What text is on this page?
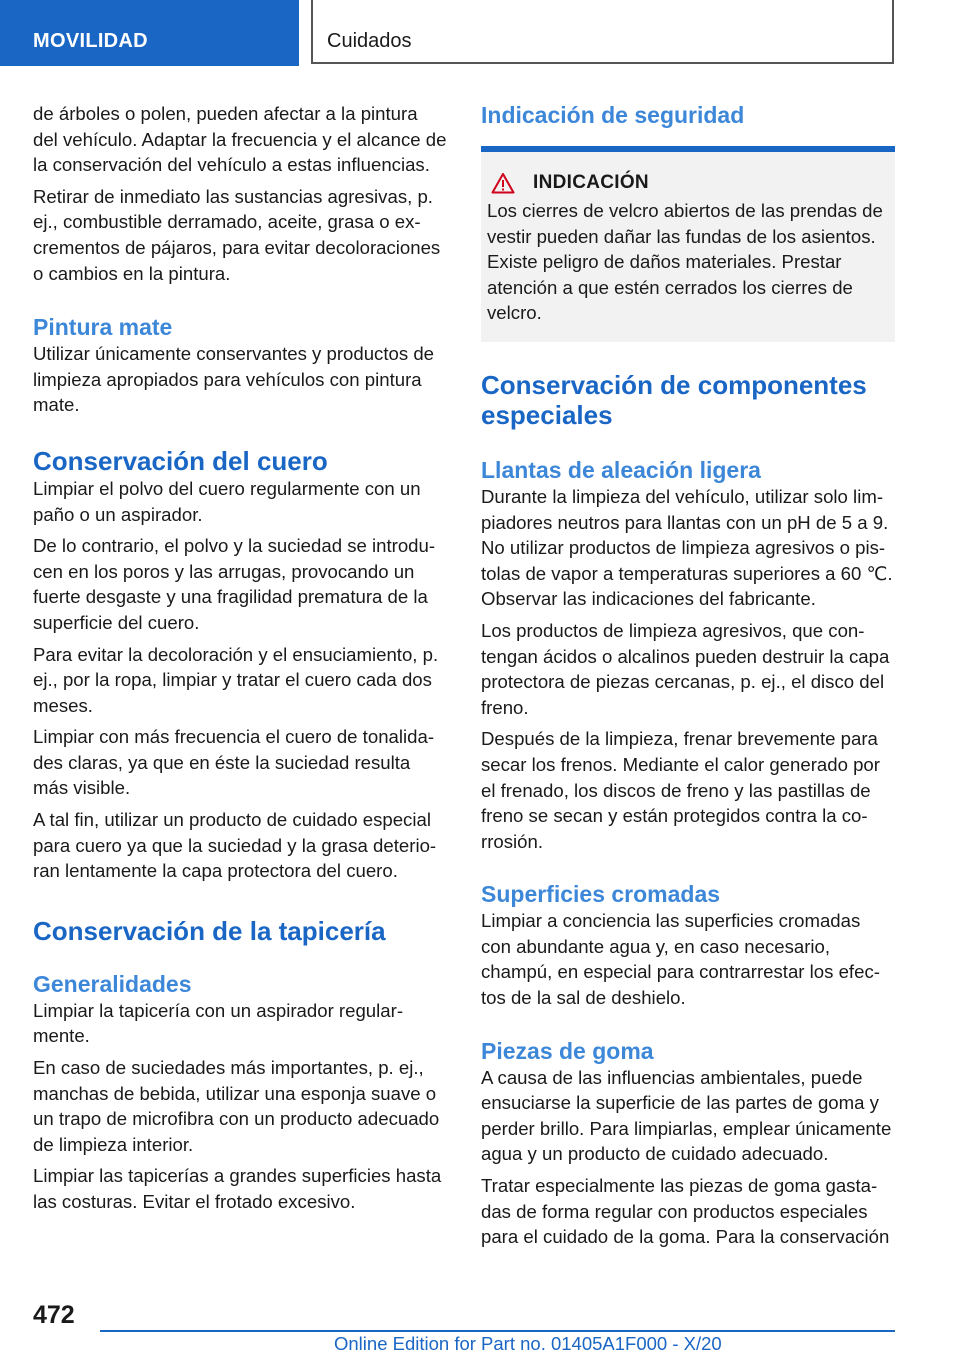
MOVILIDAD	Cuidados

de árboles o polen, pueden afectar a la pintura del vehículo. Adaptar la frecuencia y el alcance de la conservación del vehículo a estas influencias.

Retirar de inmediato las sustancias agresivas, p. ej., combustible derramado, aceite, grasa o excrementos de pájaros, para evitar decoloraciones o cambios en la pintura.

Pintura mate

Utilizar únicamente conservantes y productos de limpieza apropiados para vehículos con pintura mate.

Conservación del cuero

Limpiar el polvo del cuero regularmente con un paño o un aspirador.

De lo contrario, el polvo y la suciedad se introducen en los poros y las arrugas, provocando un fuerte desgaste y una fragilidad prematura de la superficie del cuero.

Para evitar la decoloración y el ensuciamiento, p. ej., por la ropa, limpiar y tratar el cuero cada dos meses.

Limpiar con más frecuencia el cuero de tonalidades claras, ya que en éste la suciedad resulta más visible.

A tal fin, utilizar un producto de cuidado especial para cuero ya que la suciedad y la grasa deterioran lentamente la capa protectora del cuero.

Conservación de la tapicería
Generalidades

Limpiar la tapicería con un aspirador regularmente.

En caso de suciedades más importantes, p. ej., manchas de bebida, utilizar una esponja suave o un trapo de microfibra con un producto adecuado de limpieza interior.

Limpiar las tapicerías a grandes superficies hasta las costuras. Evitar el frotado excesivo.

Indicación de seguridad
INDICACIÓN

Los cierres de velcro abiertos de las prendas de vestir pueden dañar las fundas de los asientos. Existe peligro de daños materiales. Prestar atención a que estén cerrados los cierres de velcro.

Conservación de componentes especiales
Llantas de aleación ligera

Durante la limpieza del vehículo, utilizar solo limpiadores neutros para llantas con un pH de 5 a 9. No utilizar productos de limpieza agresivos o pistolas de vapor a temperaturas superiores a 60 ℃. Observar las indicaciones del fabricante.

Los productos de limpieza agresivos, que contengan ácidos o alcalinos pueden destruir la capa protectora de piezas cercanas, p. ej., el disco del freno.

Después de la limpieza, frenar brevemente para secar los frenos. Mediante el calor generado por el frenado, los discos de freno y las pastillas de freno se secan y están protegidos contra la corrosión.

Superficies cromadas

Limpiar a conciencia las superficies cromadas con abundante agua y, en caso necesario, champú, en especial para contrarrestar los efectos de la sal de deshielo.

Piezas de goma

A causa de las influencias ambientales, puede ensuciarse la superficie de las partes de goma y perder brillo. Para limpiarlas, emplear únicamente agua y un producto de cuidado adecuado.

Tratar especialmente las piezas de goma gastadas de forma regular con productos especiales para el cuidado de la goma. Para la conservación

472
Online Edition for Part no. 01405A1F000 - X/20
